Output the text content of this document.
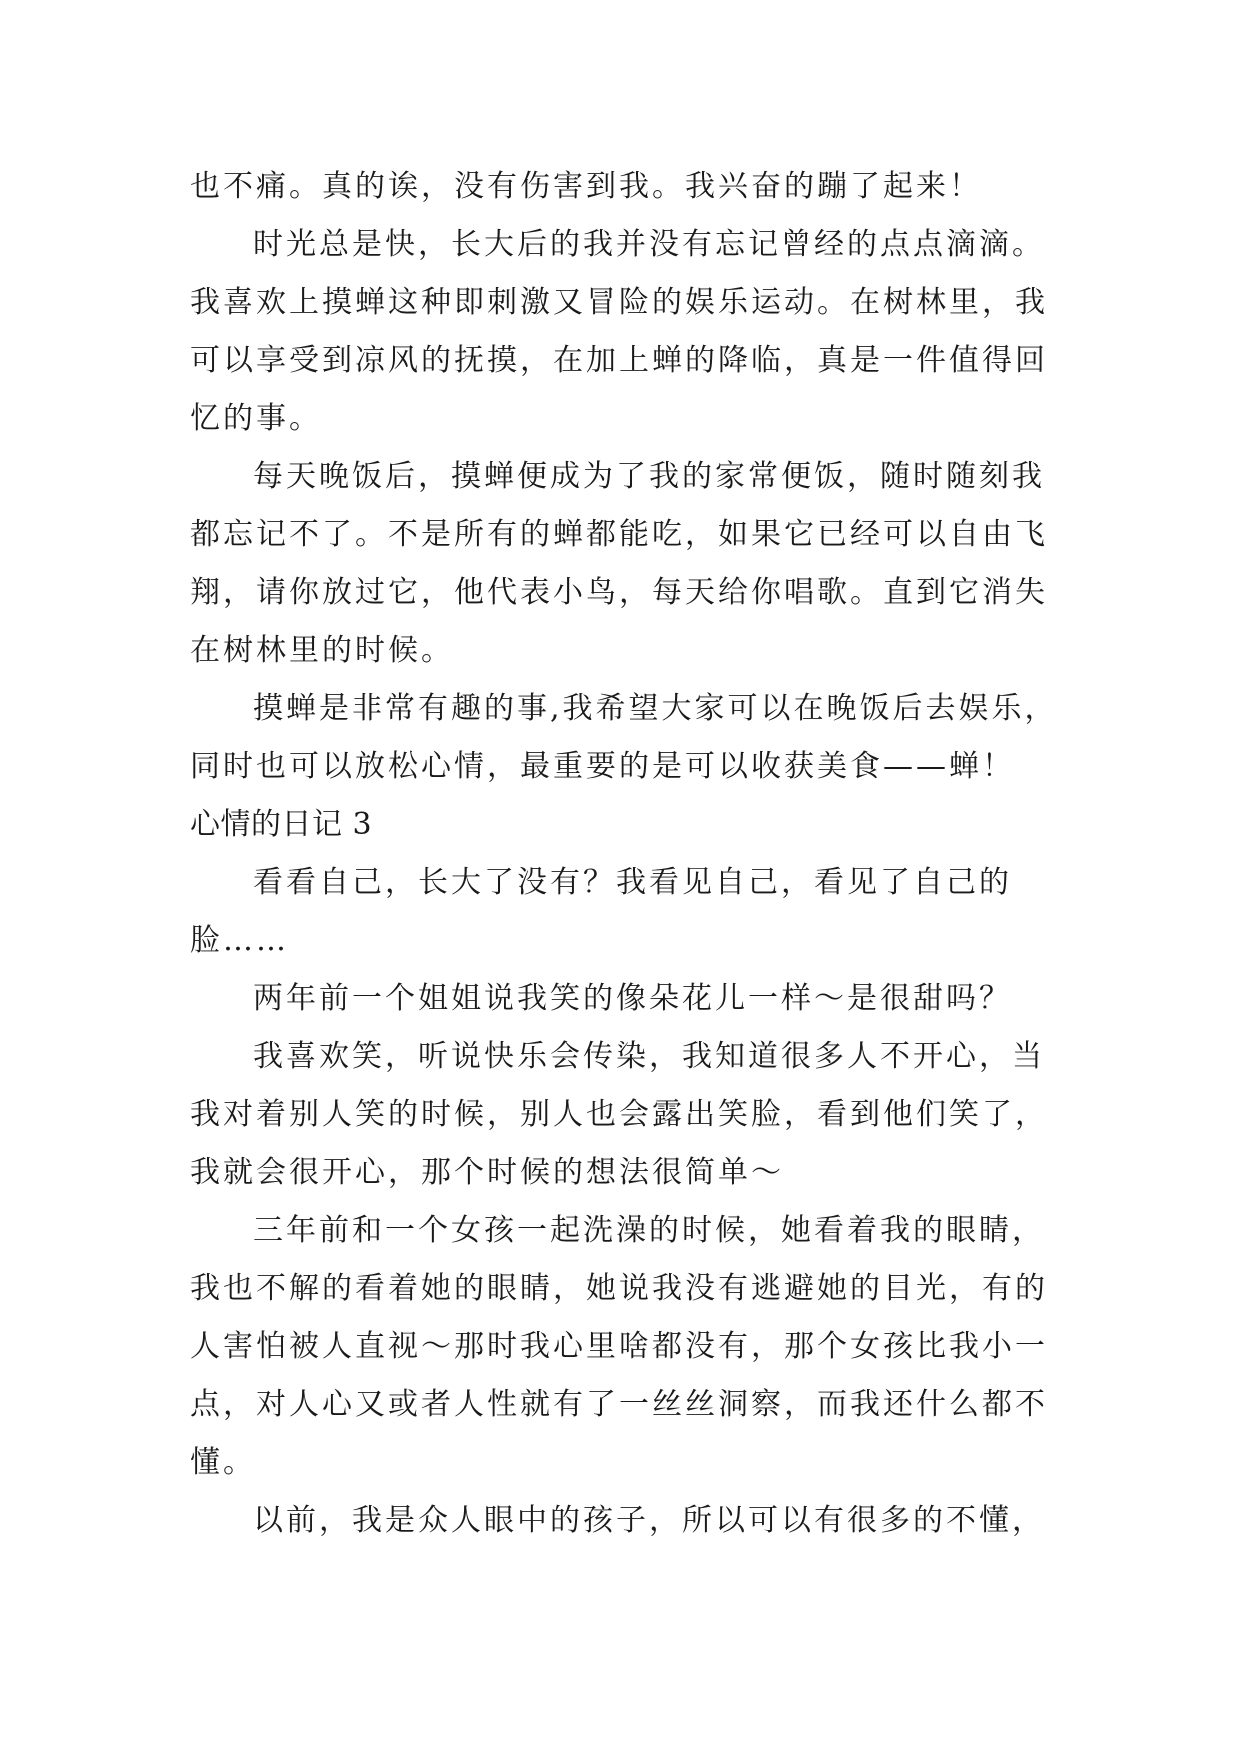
也不痛。真的诶，没有伤害到我。我兴奋的蹦了起来！
时光总是快，长大后的我并没有忘记曾经的点点滴滴。
我喜欢上摸蝉这种即刺激又冒险的娱乐运动。在树林里，我
可以享受到凉风的抚摸，在加上蝉的降临，真是一件值得回
忆的事。
每天晚饭后，摸蝉便成为了我的家常便饭，随时随刻我
都忘记不了。不是所有的蝉都能吃，如果它已经可以自由飞
翔，请你放过它，他代表小鸟，每天给你唱歌。直到它消失
在树林里的时候。
摸蝉是非常有趣的事,我希望大家可以在晚饭后去娱乐，
同时也可以放松心情，最重要的是可以收获美食——蝉！
心情的日记 3
看看自己，长大了没有？我看见自己，看见了自己的
脸……
两年前一个姐姐说我笑的像朵花儿一样～是很甜吗？
我喜欢笑，听说快乐会传染，我知道很多人不开心，当
我对着别人笑的时候，别人也会露出笑脸，看到他们笑了，
我就会很开心，那个时候的想法很简单～
三年前和一个女孩一起洗澡的时候，她看着我的眼睛，
我也不解的看着她的眼睛，她说我没有逃避她的目光，有的
人害怕被人直视～那时我心里啥都没有，那个女孩比我小一
点，对人心又或者人性就有了一丝丝洞察，而我还什么都不
懂。
以前，我是众人眼中的孩子，所以可以有很多的不懂，
